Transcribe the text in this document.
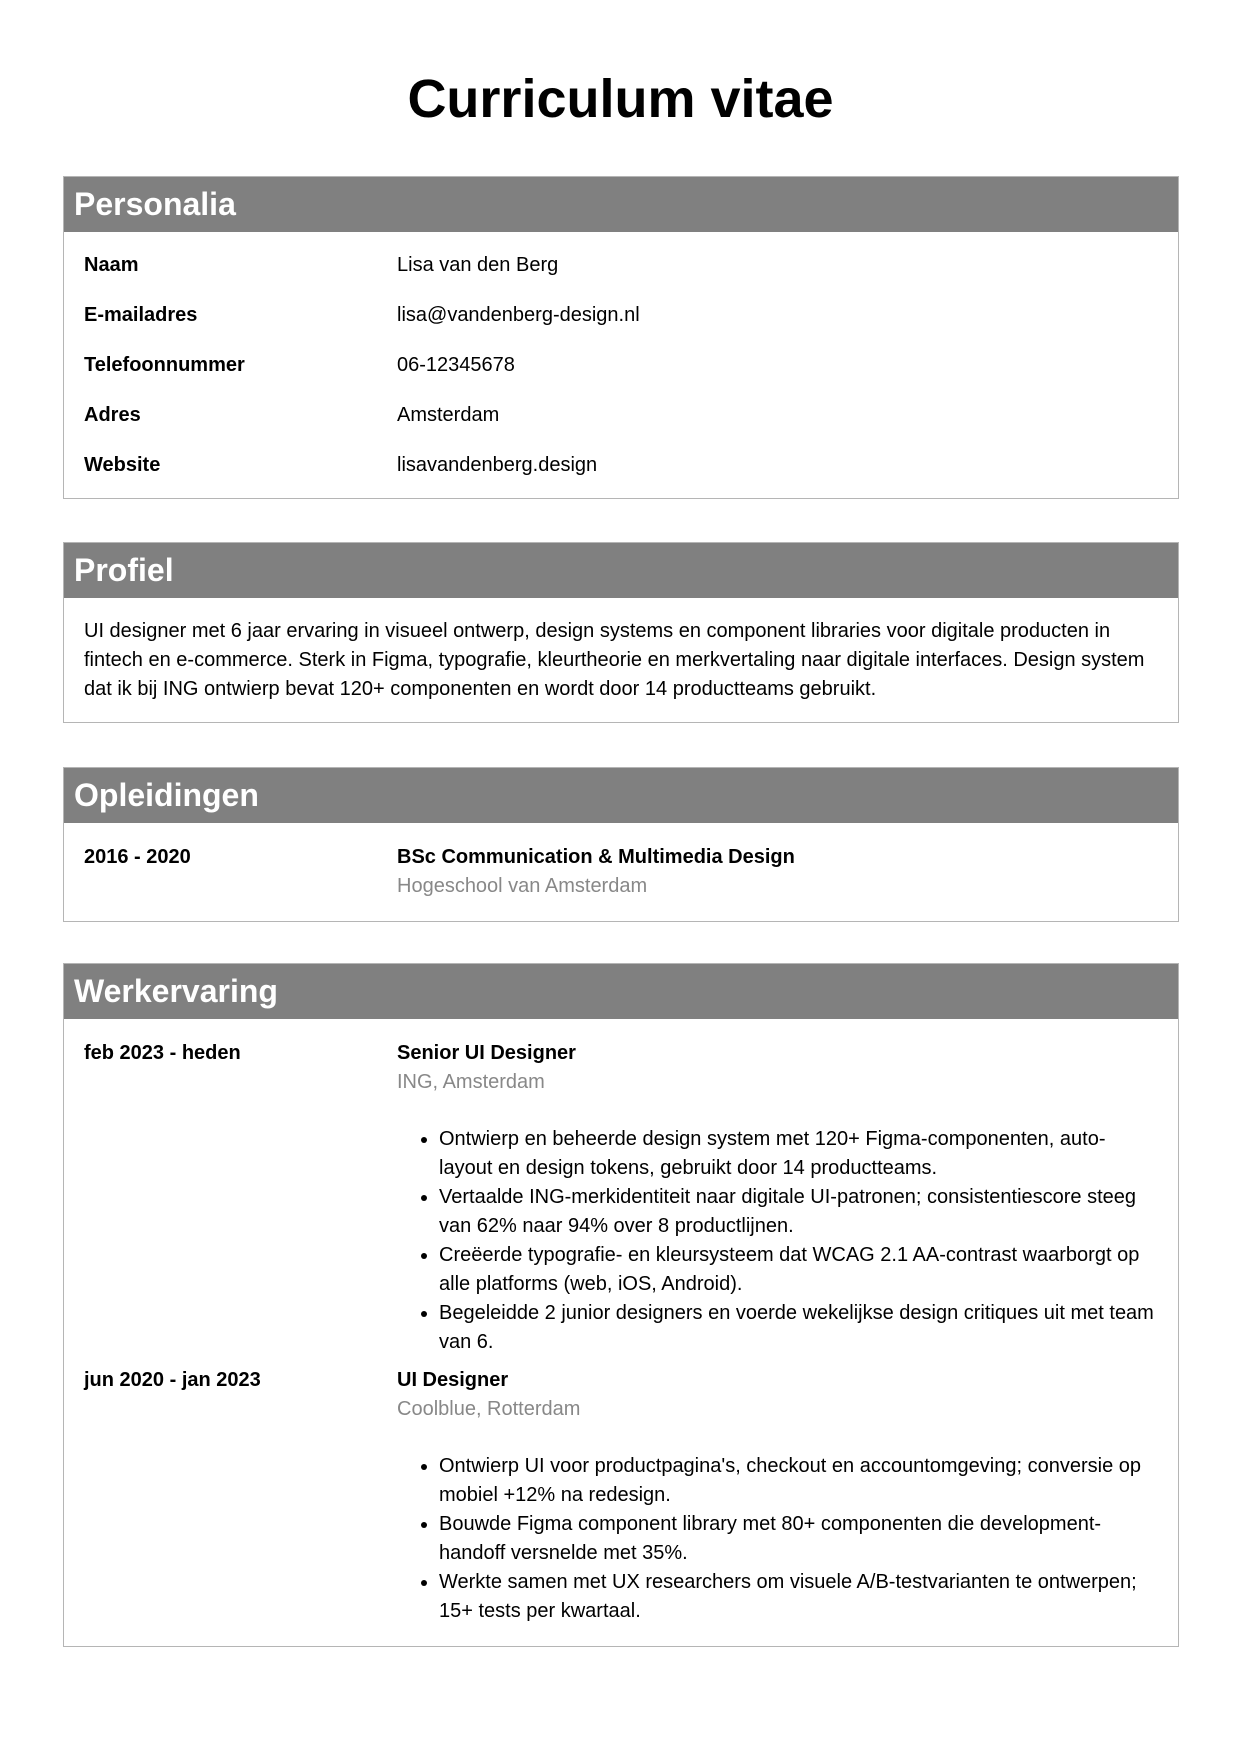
Curriculum vitae
Personalia
Naam	Lisa van den Berg
E-mailadres	lisa@vandenberg-design.nl
Telefoonnummer	06-12345678
Adres	Amsterdam
Website	lisavandenberg.design
Profiel
UI designer met 6 jaar ervaring in visueel ontwerp, design systems en component libraries voor digitale producten in fintech en e-commerce. Sterk in Figma, typografie, kleurtheorie en merkvertaling naar digitale interfaces. Design system dat ik bij ING ontwierp bevat 120+ componenten en wordt door 14 productteams gebruikt.
Opleidingen
2016 - 2020	BSc Communication & Multimedia Design
Hogeschool van Amsterdam
Werkervaring
feb 2023 - heden	Senior UI Designer
ING, Amsterdam
• Ontwierp en beheerde design system met 120+ Figma-componenten, auto-layout en design tokens, gebruikt door 14 productteams.
• Vertaalde ING-merkidentiteit naar digitale UI-patronen; consistentiescore steeg van 62% naar 94% over 8 productlijnen.
• Creëerde typografie- en kleursysteem dat WCAG 2.1 AA-contrast waarborgt op alle platforms (web, iOS, Android).
• Begeleidde 2 junior designers en voerde wekelijkse design critiques uit met team van 6.
jun 2020 - jan 2023	UI Designer
Coolblue, Rotterdam
• Ontwierp UI voor productpagina's, checkout en accountomgeving; conversie op mobiel +12% na redesign.
• Bouwde Figma component library met 80+ componenten die development-handoff versnelde met 35%.
• Werkte samen met UX researchers om visuele A/B-testvarianten te ontwerpen; 15+ tests per kwartaal.
